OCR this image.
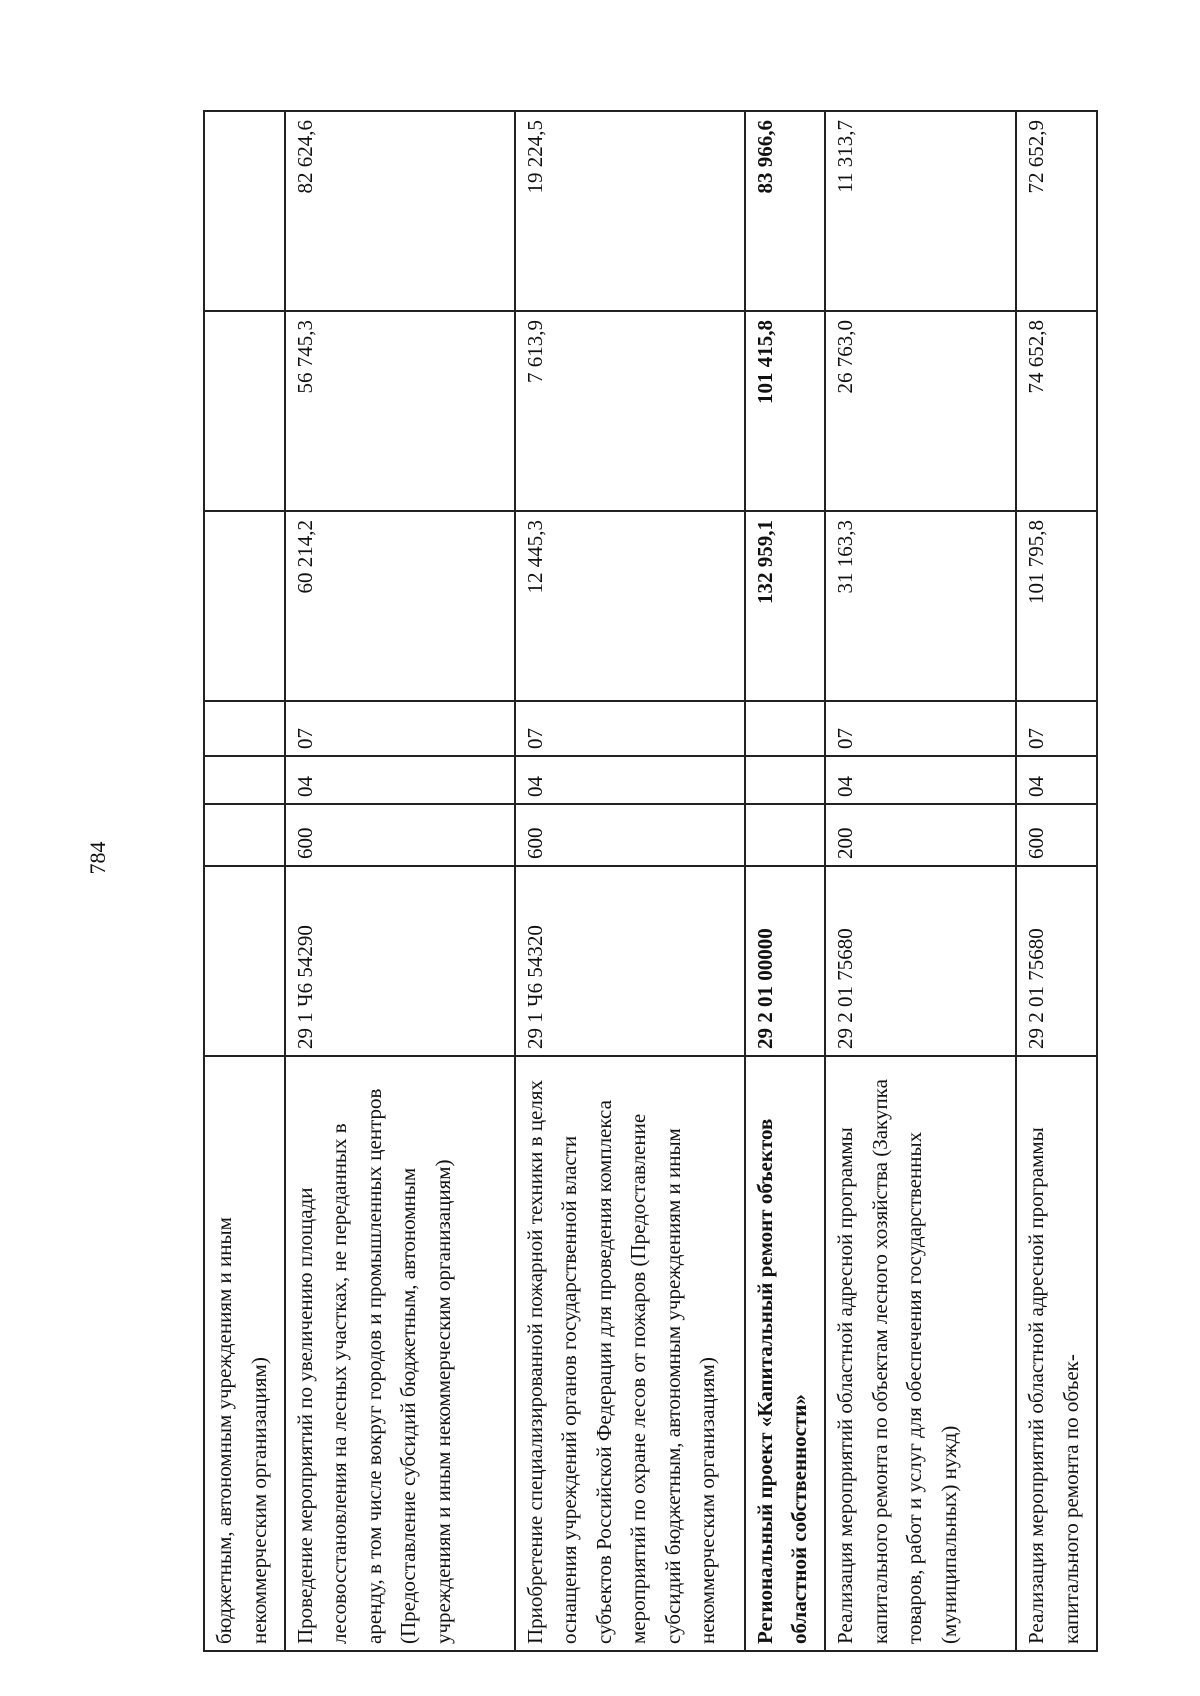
784
бюджетным, автономным учреждениям и иным некоммерческим организациям)							
Проведение мероприятий по увеличению площади лесовосстановления на лесных участках, не переданных в аренду, в том числе вокруг городов и промышленных центров (Предоставление субсидий бюджетным, автономным учреждениям и иным некоммерческим организациям)	29 1 Ч6 54290	600	04	07	60 214,2	56 745,3	82 624,6
Приобретение специализированной пожарной техники в целях оснащения учреждений органов государственной власти субъектов Российской Федерации для проведения комплекса мероприятий по охране лесов от пожаров (Предоставление субсидий бюджетным, автономным учреждениям и иным некоммерческим организациям)	29 1 Ч6 54320	600	04	07	12 445,3	7 613,9	19 224,5
Региональный проект «Капитальный ремонт объектов областной собственности»	29 2 01 00000				132 959,1	101 415,8	83 966,6
Реализация мероприятий областной адресной программы капитального ремонта по объектам лесного хозяйства (Закупка товаров, работ и услуг для обеспечения государственных (муниципальных) нужд)	29 2 01 75680	200	04	07	31 163,3	26 763,0	11 313,7
Реализация мероприятий областной адресной программы капитального ремонта по объек-	29 2 01 75680	600	04	07	101 795,8	74 652,8	72 652,9
